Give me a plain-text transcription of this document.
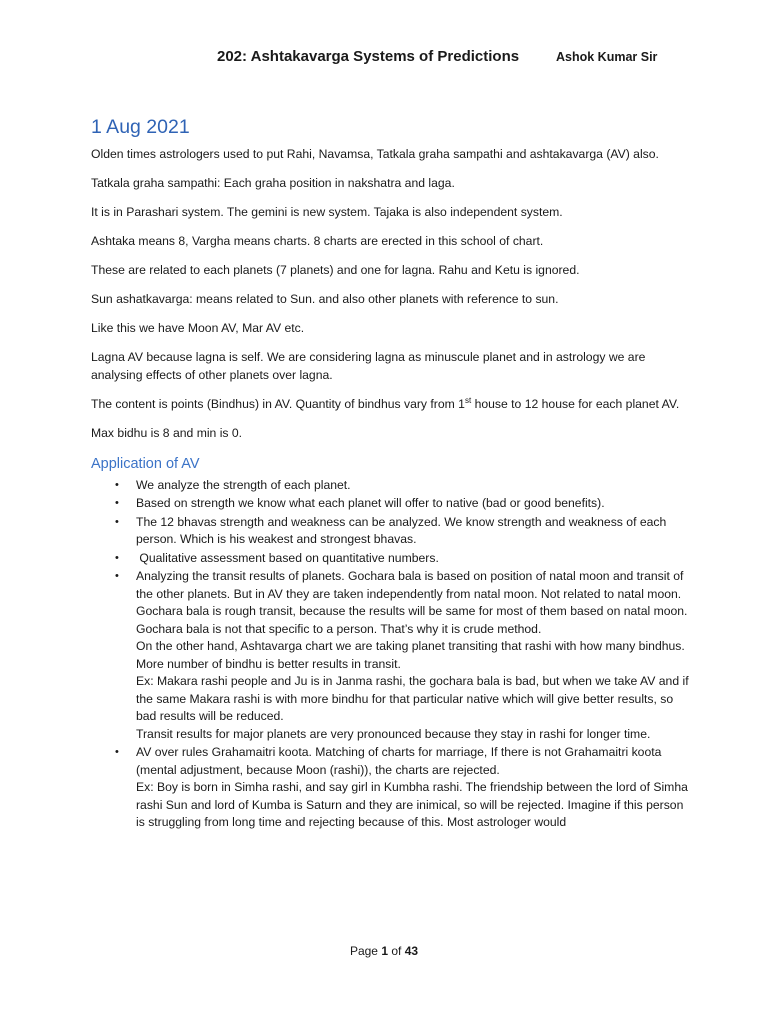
202: Ashtakavarga Systems of Predictions	Ashok Kumar Sir
1 Aug 2021

Olden times astrologers used to put Rahi, Navamsa, Tatkala graha sampathi and ashtakavarga (AV) also.

Tatkala graha sampathi: Each graha position in nakshatra and laga.

It is in Parashari system. The gemini is new system. Tajaka is also independent system.

Ashtaka means 8, Vargha means charts. 8 charts are erected in this school of chart.

These are related to each planets (7 planets) and one for lagna. Rahu and Ketu is ignored.

Sun ashatkavarga: means related to Sun. and also other planets with reference to sun.

Like this we have Moon AV, Mar AV etc.

Lagna AV because lagna is self. We are considering lagna as minuscule planet and in astrology we are analysing effects of other planets over lagna.

The content is points (Bindhus) in AV. Quantity of bindhus vary from 1st house to 12 house for each planet AV.

Max bidhu is 8 and min is 0.

Application of AV
• We analyze the strength of each planet.
• Based on strength we know what each planet will offer to native (bad or good benefits).
• The 12 bhavas strength and weakness can be analyzed. We know strength and weakness of each person. Which is his weakest and strongest bhavas.
• Qualitative assessment based on quantitative numbers.
• Analyzing the transit results of planets. Gochara bala is based on position of natal moon and transit of the other planets. But in AV they are taken independently from natal moon. Not related to natal moon. Gochara bala is rough transit, because the results will be same for most of them based on natal moon. Gochara bala is not that specific to a person. That’s why it is crude method.
On the other hand, Ashtavarga chart we are taking planet transiting that rashi with how many bindhus.
More number of bindhu is better results in transit.
Ex: Makara rashi people and Ju is in Janma rashi, the gochara bala is bad, but when we take AV and if the same Makara rashi is with more bindhu for that particular native which will give better results, so bad results will be reduced.
Transit results for major planets are very pronounced because they stay in rashi for longer time.
• AV over rules Grahamaitri koota. Matching of charts for marriage, If there is not Grahamaitri koota (mental adjustment, because Moon (rashi)), the charts are rejected.
Ex: Boy is born in Simha rashi, and say girl in Kumbha rashi. The friendship between the lord of Simha rashi Sun and lord of Kumba is Saturn and they are inimical, so will be rejected. Imagine if this person is struggling from long time and rejecting because of this. Most astrologer would
Page 1 of 43
